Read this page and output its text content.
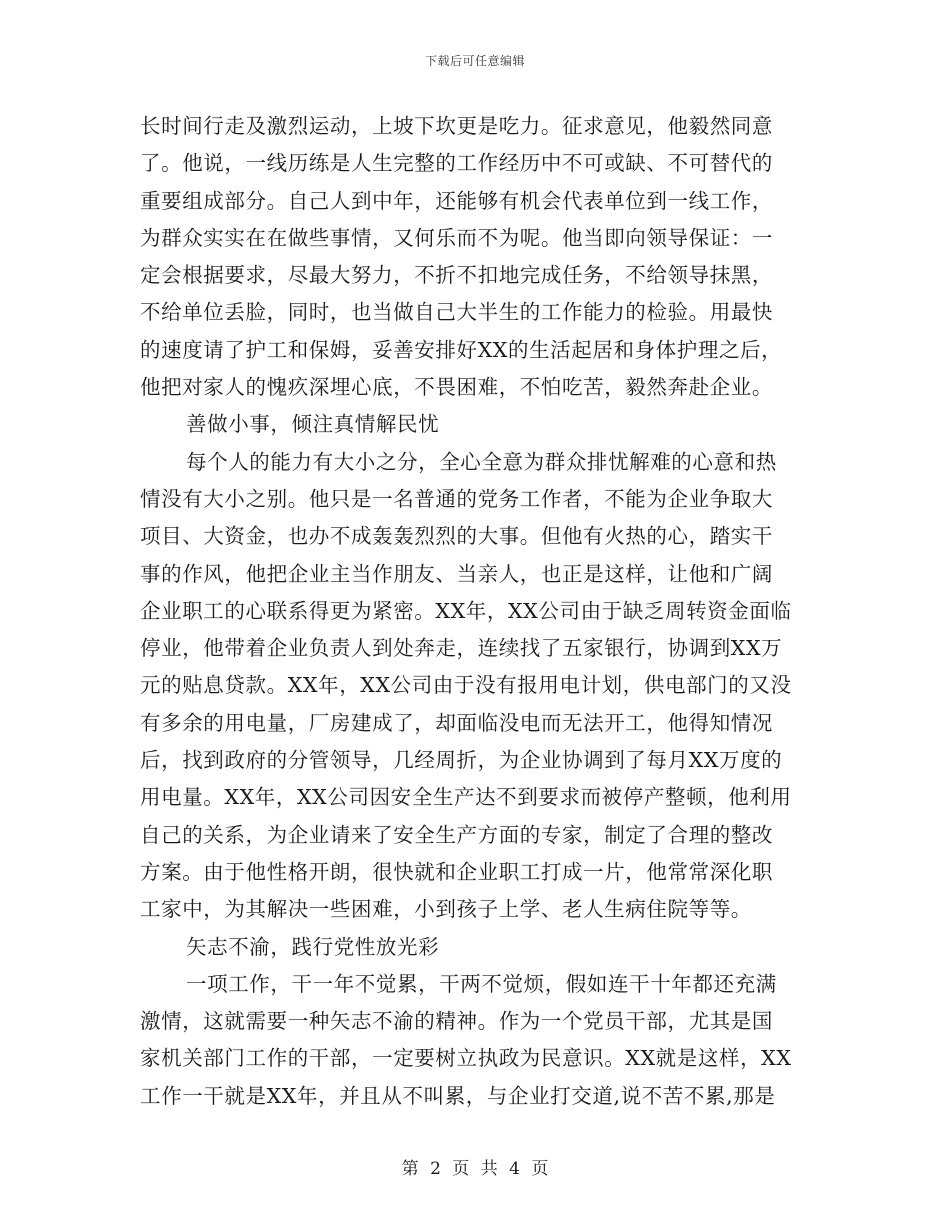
下载后可任意编辑
长时间行走及激烈运动，上坡下坎更是吃力。征求意见，他毅然同意
了。他说，一线历练是人生完整的工作经历中不可或缺、不可替代的
重要组成部分。自己人到中年，还能够有机会代表单位到一线工作，
为群众实实在在做些事情，又何乐而不为呢。他当即向领导保证：一
定会根据要求，尽最大努力，不折不扣地完成任务，不给领导抹黑，
不给单位丢脸，同时，也当做自己大半生的工作能力的检验。用最快
的速度请了护工和保姆，妥善安排好XX的生活起居和身体护理之后，
他把对家人的愧疚深埋心底，不畏困难，不怕吃苦，毅然奔赴企业。
善做小事，倾注真情解民忧
每个人的能力有大小之分，全心全意为群众排忧解难的心意和热
情没有大小之别。他只是一名普通的党务工作者，不能为企业争取大
项目、大资金，也办不成轰轰烈烈的大事。但他有火热的心，踏实干
事的作风，他把企业主当作朋友、当亲人，也正是这样，让他和广阔
企业职工的心联系得更为紧密。XX年，XX公司由于缺乏周转资金面临
停业，他带着企业负责人到处奔走，连续找了五家银行，协调到XX万
元的贴息贷款。XX年，XX公司由于没有报用电计划，供电部门的又没
有多余的用电量，厂房建成了，却面临没电而无法开工，他得知情况
后，找到政府的分管领导，几经周折，为企业协调到了每月XX万度的
用电量。XX年，XX公司因安全生产达不到要求而被停产整顿，他利用
自己的关系，为企业请来了安全生产方面的专家，制定了合理的整改
方案。由于他性格开朗，很快就和企业职工打成一片，他常常深化职
工家中，为其解决一些困难，小到孩子上学、老人生病住院等等。
矢志不渝，践行党性放光彩
一项工作，干一年不觉累，干两不觉烦，假如连干十年都还充满
激情，这就需要一种矢志不渝的精神。作为一个党员干部，尤其是国
家机关部门工作的干部，一定要树立执政为民意识。XX就是这样，XX
工作一干就是XX年，并且从不叫累，与企业打交道,说不苦不累,那是
第 2 页 共 4 页
